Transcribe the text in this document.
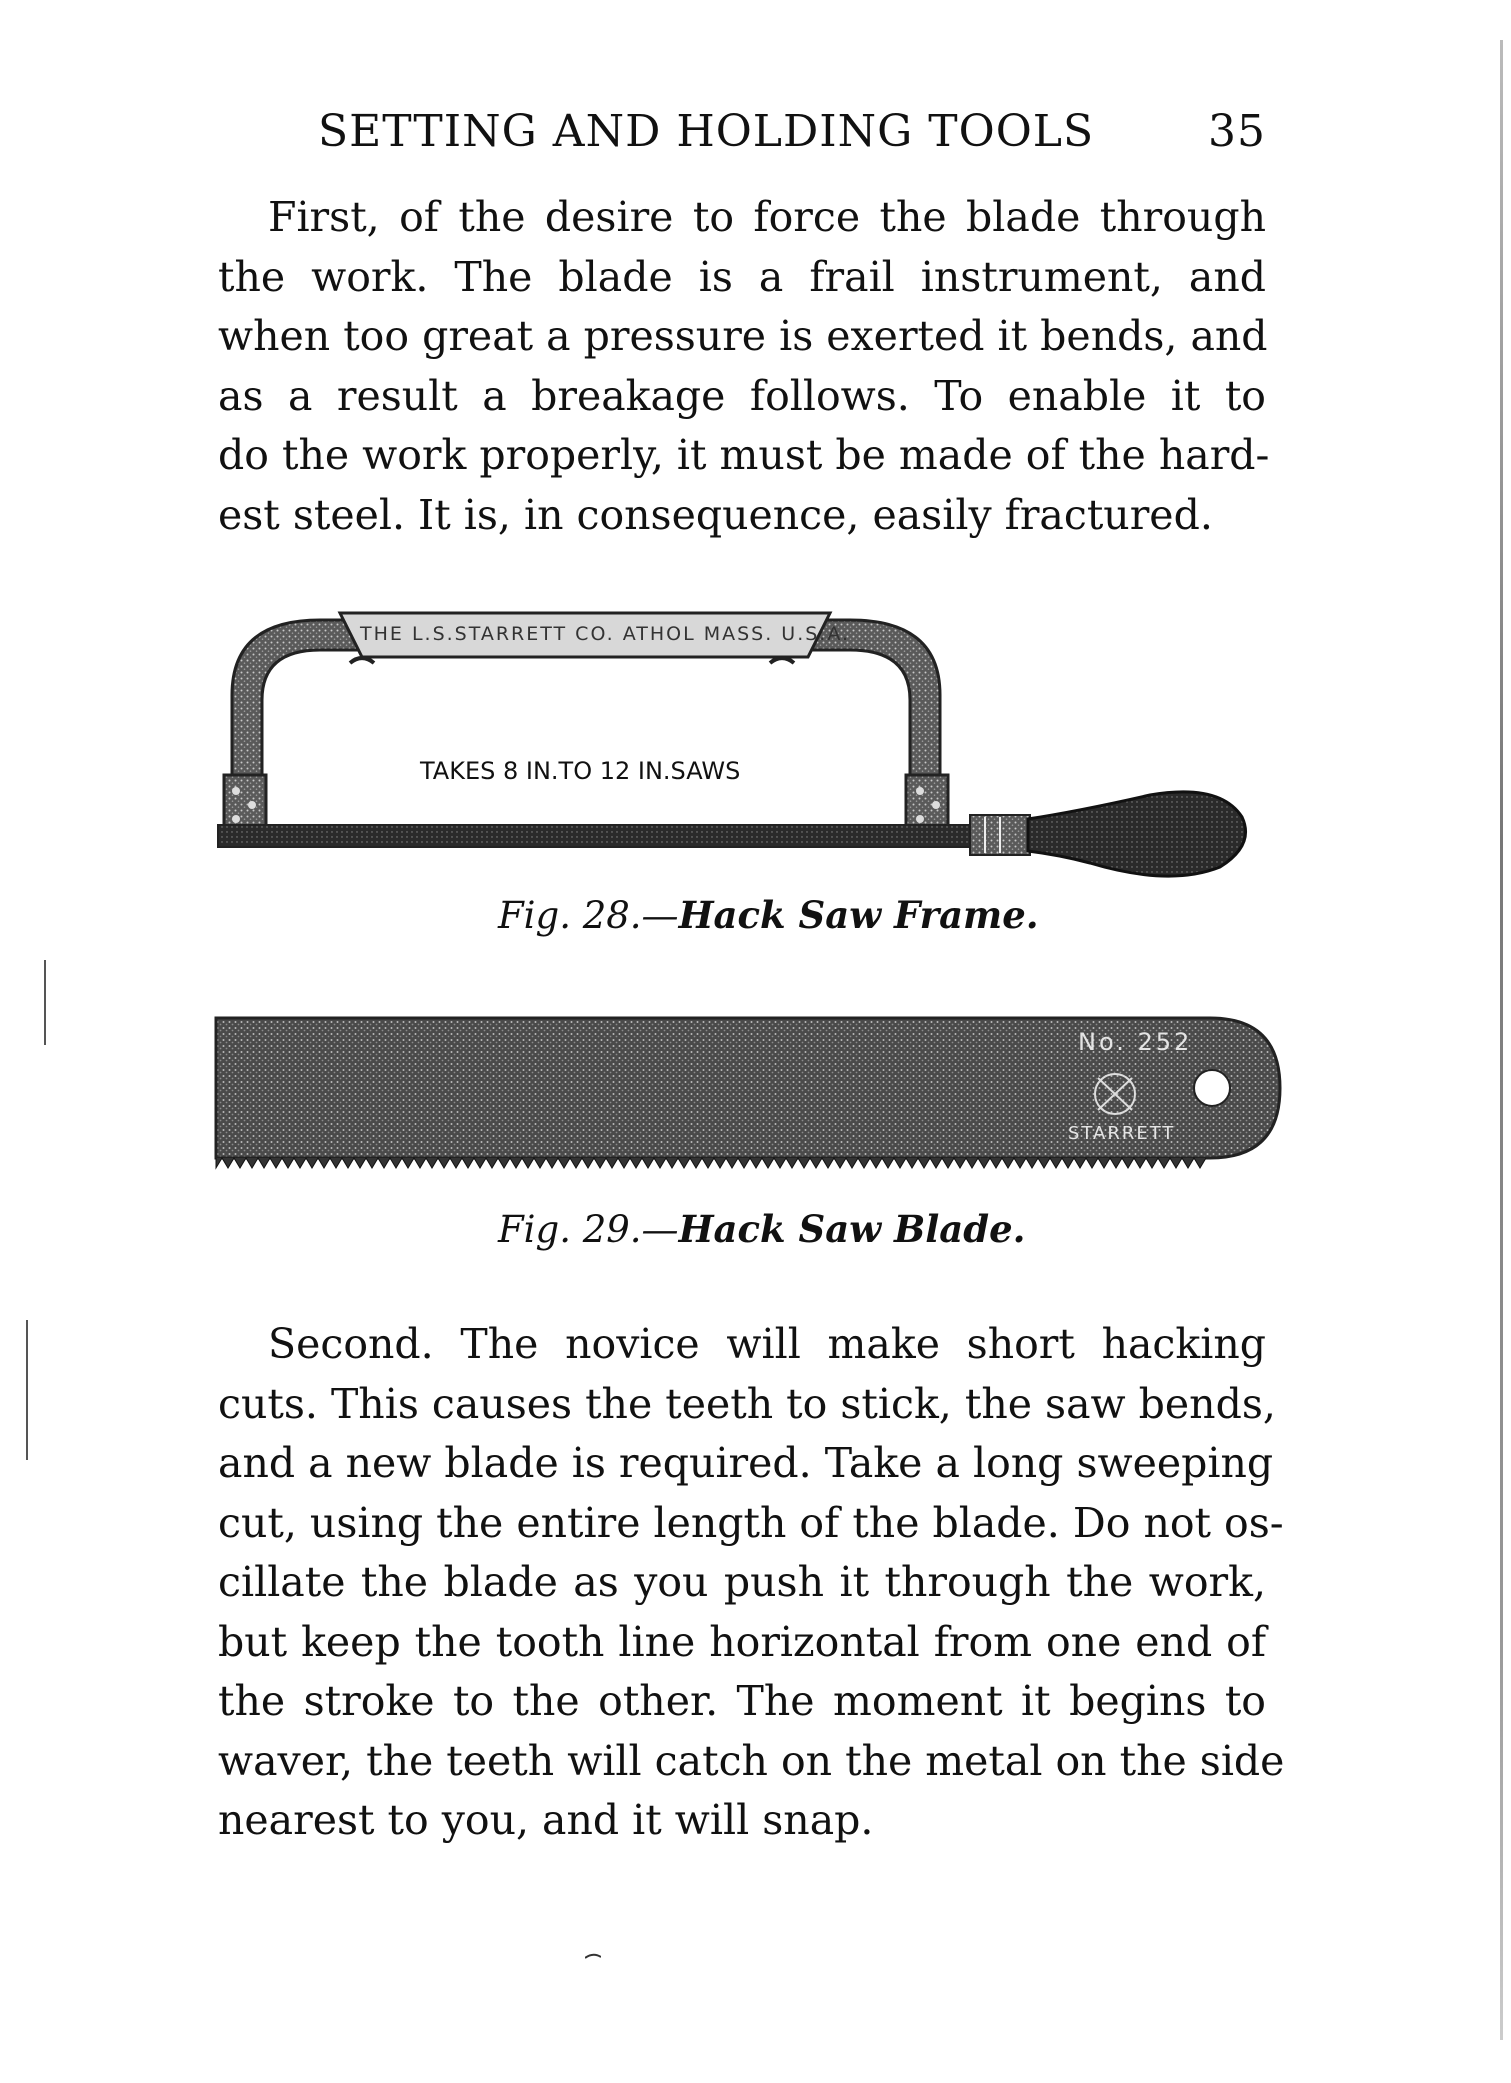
SETTING AND HOLDING TOOLS	35
First, of the desire to force the blade through
the work. The blade is a frail instrument, and
when too great a pressure is exerted it bends, and
as a result a breakage follows. To enable it to
do the work properly, it must be made of the hard-
est steel. It is, in consequence, easily fractured.
THE L.S.STARRETT CO. ATHOL MASS. U.S.A.
TAKES 8 IN.TO 12 IN.SAWS
Fig. 28.—Hack Saw Frame.
No. 252
STARRETT
Fig. 29.—Hack Saw Blade.
Second. The novice will make short hacking
cuts. This causes the teeth to stick, the saw bends,
and a new blade is required. Take a long sweeping
cut, using the entire length of the blade. Do not os-
cillate the blade as you push it through the work,
but keep the tooth line horizontal from one end of
the stroke to the other. The moment it begins to
waver, the teeth will catch on the metal on the side
nearest to you, and it will snap.
